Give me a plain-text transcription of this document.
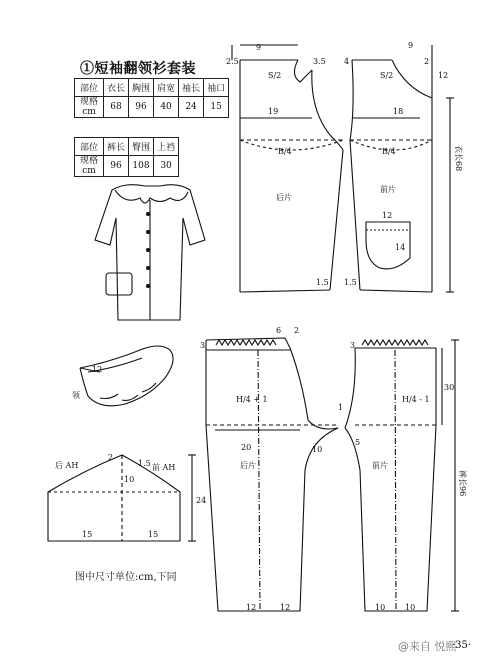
①短袖翻领衫套装
部位	衣长	胸围	肩宽	袖长	袖口
规格 cm	68	96	40	24	15
部位	裤长	臀围	上裆
规格 cm	96	108	30
9
2.5	3.5 4
9
2
12
S/2	S/2
19	18
B/4	B/4
后片
前片
12
14
衣长68
1.5 1.5
12
领
后 AH	前 AH
2
1.5
10
24
15	15
6 2
3	3
30
H/4 + 1	H/4 - 1
20	10
1
5
后片	前片
裤长96
12	12	10 10
图中尺寸单位:cm,下同
@来自 悦熙
·35·
